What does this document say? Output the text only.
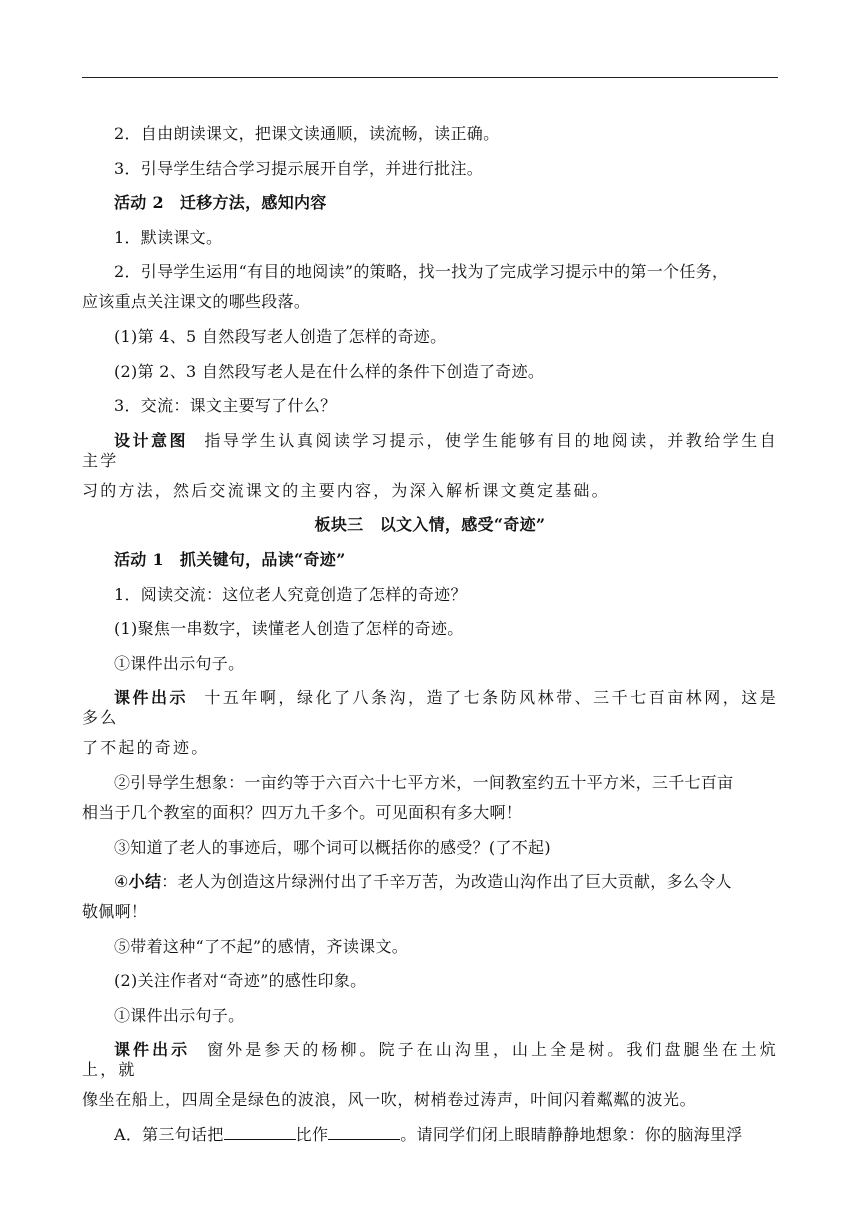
2．自由朗读课文，把课文读通顺，读流畅，读正确。

3．引导学生结合学习提示展开自学，并进行批注。

活动 2 迁移方法，感知内容

1．默读课文。

2．引导学生运用“有目的地阅读”的策略，找一找为了完成学习提示中的第一个任务，
应该重点关注课文的哪些段落。

(1)第 4、5 自然段写老人创造了怎样的奇迹。

(2)第 2、3 自然段写老人是在什么样的条件下创造了奇迹。

3．交流：课文主要写了什么？

设计意图 指导学生认真阅读学习提示，使学生能够有目的地阅读，并教给学生自主学
习的方法，然后交流课文的主要内容，为深入解析课文奠定基础。

板块三　以文入情，感受“奇迹”

活动 1 抓关键句，品读“奇迹”

1．阅读交流：这位老人究竟创造了怎样的奇迹？

(1)聚焦一串数字，读懂老人创造了怎样的奇迹。

①课件出示句子。

课件出示 十五年啊，绿化了八条沟，造了七条防风林带、三千七百亩林网，这是多么
了不起的奇迹。

②引导学生想象：一亩约等于六百六十七平方米，一间教室约五十平方米，三千七百亩
相当于几个教室的面积？四万九千多个。可见面积有多大啊！

③知道了老人的事迹后，哪个词可以概括你的感受？(了不起)

④小结：老人为创造这片绿洲付出了千辛万苦，为改造山沟作出了巨大贡献，多么令人
敬佩啊！

⑤带着这种“了不起”的感情，齐读课文。

(2)关注作者对“奇迹”的感性印象。

①课件出示句子。

课件出示 窗外是参天的杨柳。院子在山沟里，山上全是树。我们盘腿坐在土炕上，就
像坐在船上，四周全是绿色的波浪，风一吹，树梢卷过涛声，叶间闪着粼粼的波光。

A．第三句话把	比作	。请同学们闭上眼睛静静地想象：你的脑海里浮
